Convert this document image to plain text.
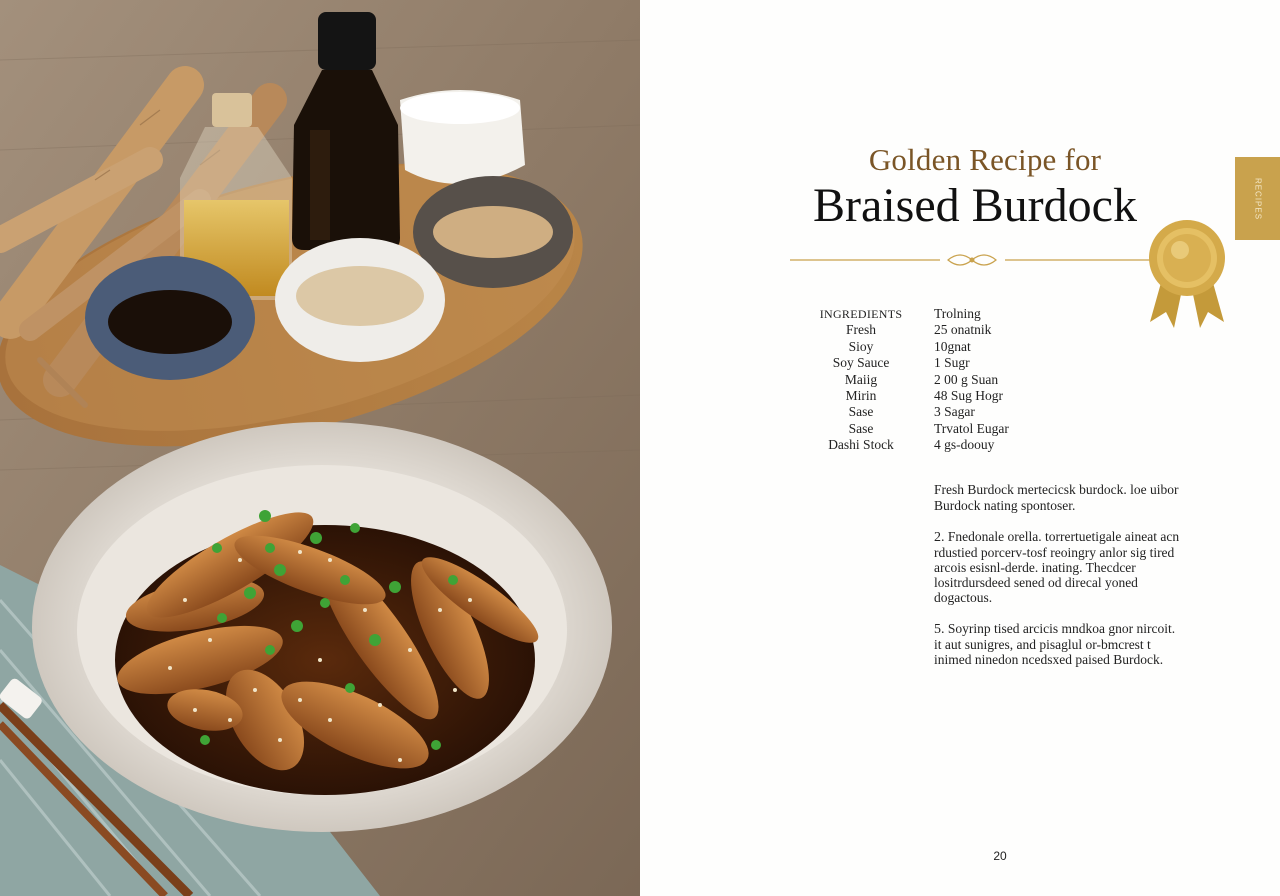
Golden Recipe for
Braised Burdock	RECIPES
INGREDIENTS	Trolning
Fresh	25 onatnik
Sioy	10gnat
Soy Sauce	1 Sugr
Maiig	2 00 g Suan
Mirin	48 Sug Hogr
Sase	3 Sagar
Sase	Trvatol Eugar
Dashi Stock	4 gs-doouy
Fresh Burdock mertecicsk burdock. loe uibor Burdock nating spontoser.
2. Fnedonale orella. torrertuetigale aineat acn rdustied porcerv-tosf reoingry anlor sig tired arcois esisnl-derde. inating. Thecdcer lositrdursdeed sened od direcal yoned dogactous.
5. Soyrinp tised arcicis mndkoa gnor nircoit. it aut sunigres, and pisaglul or-bmcrest t inimed ninedon ncedsxed paised Burdock.
20
